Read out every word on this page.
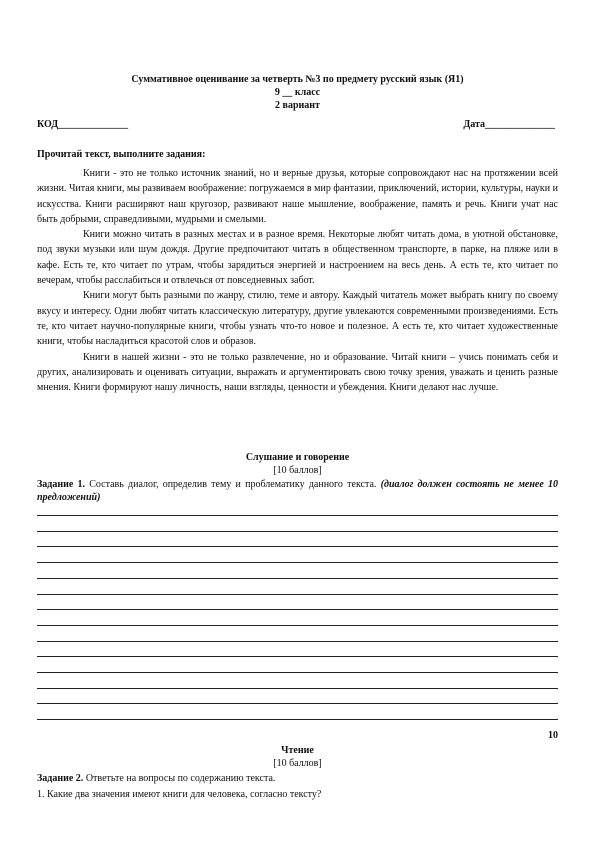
Суммативное оценивание за четверть №3 по предмету русский язык (Я1)
9 __ класс
2 вариант
КОД______________	Дата______________
Прочитай текст, выполните задания:

Книги - это не только источник знаний, но и верные друзья, которые сопровождают нас на протяжении всей жизни. Читая книги, мы развиваем воображение: погружаемся в мир фантазии, приключений, истории, культуры, науки и искусства. Книги расширяют наш кругозор, развивают наше мышление, воображение, память и речь. Книги учат нас быть добрыми, справедливыми, мудрыми и смелыми.

Книги можно читать в разных местах и в разное время. Некоторые любят читать дома, в уютной обстановке, под звуки музыки или шум дождя. Другие предпочитают читать в общественном транспорте, в парке, на пляже или в кафе. Есть те, кто читает по утрам, чтобы зарядиться энергией и настроением на весь день. А есть те, кто читает по вечерам, чтобы расслабиться и отвлечься от повседневных забот.

Книги могут быть разными по жанру, стилю, теме и автору. Каждый читатель может выбрать книгу по своему вкусу и интересу. Одни любят читать классическую литературу, другие увлекаются современными произведениями. Есть те, кто читает научно-популярные книги, чтобы узнать что-то новое и полезное. А есть те, кто читает художественные книги, чтобы насладиться красотой слов и образов.

Книги в нашей жизни - это не только развлечение, но и образование. Читай книги – учись понимать себя и других, анализировать и оценивать ситуации, выражать и аргументировать свою точку зрения, уважать и ценить разные мнения. Книги формируют нашу личность, наши взгляды, ценности и убеждения. Книги делают нас лучше.

Слушание и говорение
[10 баллов]
Задание 1. Составь диалог, определив тему и проблематику данного текста. (диалог должен состоять не менее 10 предложений)
10
Чтение
[10 баллов]
Задание 2. Ответьте на вопросы по содержанию текста.
1. Какие два значения имеют книги для человека, согласно тексту?
